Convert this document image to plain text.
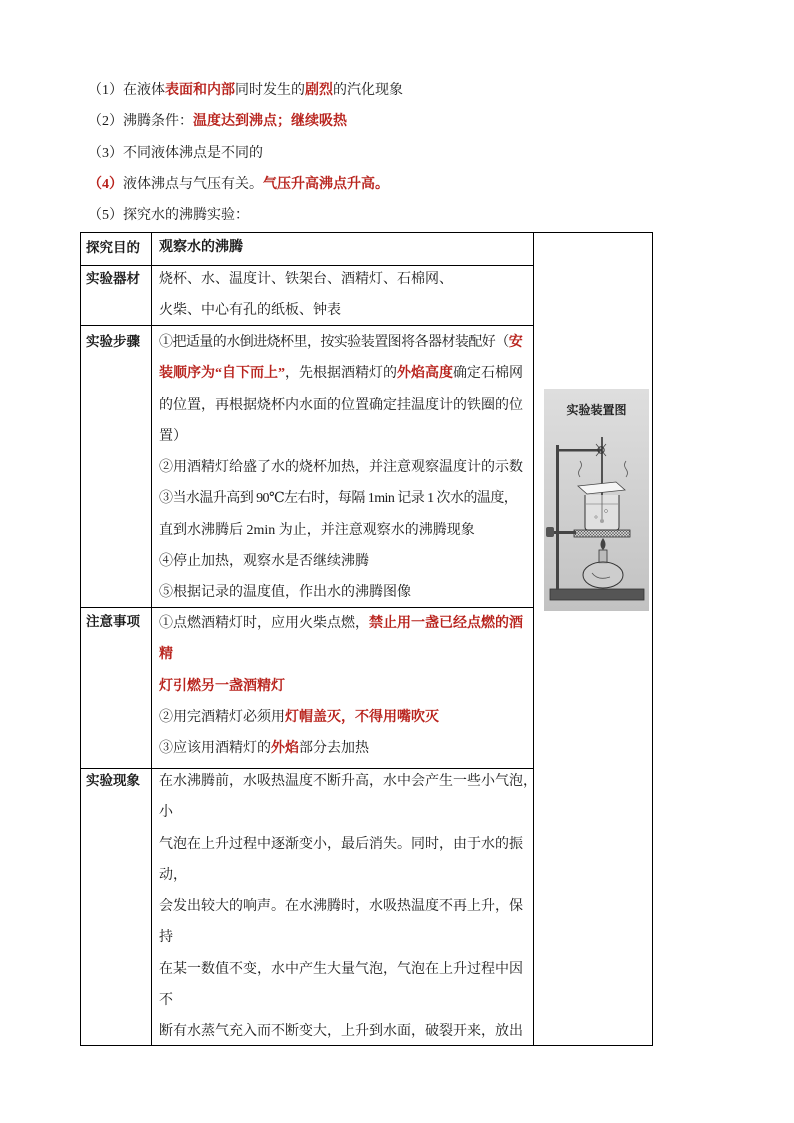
（1）在液体表面和内部同时发生的剧烈的汽化现象
（2）沸腾条件：温度达到沸点；继续吸热
（3）不同液体沸点是不同的
（4）液体沸点与气压有关。气压升高沸点升高。
（5）探究水的沸腾实验：
探究目的 观察水的沸腾
实验器材 烧杯、水、温度计、铁架台、酒精灯、石棉网、
火柴、中心有孔的纸板、钟表
实验步骤 ①把适量的水倒进烧杯里，按实验装置图将各器材装配好（安
装顺序为“自下而上”，先根据酒精灯的外焰高度确定石棉网
的位置，再根据烧杯内水面的位置确定挂温度计的铁圈的位
置）
②用酒精灯给盛了水的烧杯加热，并注意观察温度计的示数
③当水温升高到 90℃左右时，每隔 1min 记录 1 次水的温度，
直到水沸腾后 2min 为止，并注意观察水的沸腾现象
④停止加热，观察水是否继续沸腾
⑤根据记录的温度值，作出水的沸腾图像
注意事项 ①点燃酒精灯时，应用火柴点燃，禁止用一盏已经点燃的酒
精
灯引燃另一盏酒精灯
②用完酒精灯必须用灯帽盖灭，不得用嘴吹灭
③应该用酒精灯的外焰部分去加热
实验现象 在水沸腾前，水吸热温度不断升高，水中会产生一些小气泡，
小
气泡在上升过程中逐渐变小，最后消失。同时，由于水的振
动，
会发出较大的响声。在水沸腾时，水吸热温度不再上升，保
持
在某一数值不变，水中产生大量气泡，气泡在上升过程中因
不
断有水蒸气充入而不断变大，上升到水面，破裂开来，放出
实验装置图
